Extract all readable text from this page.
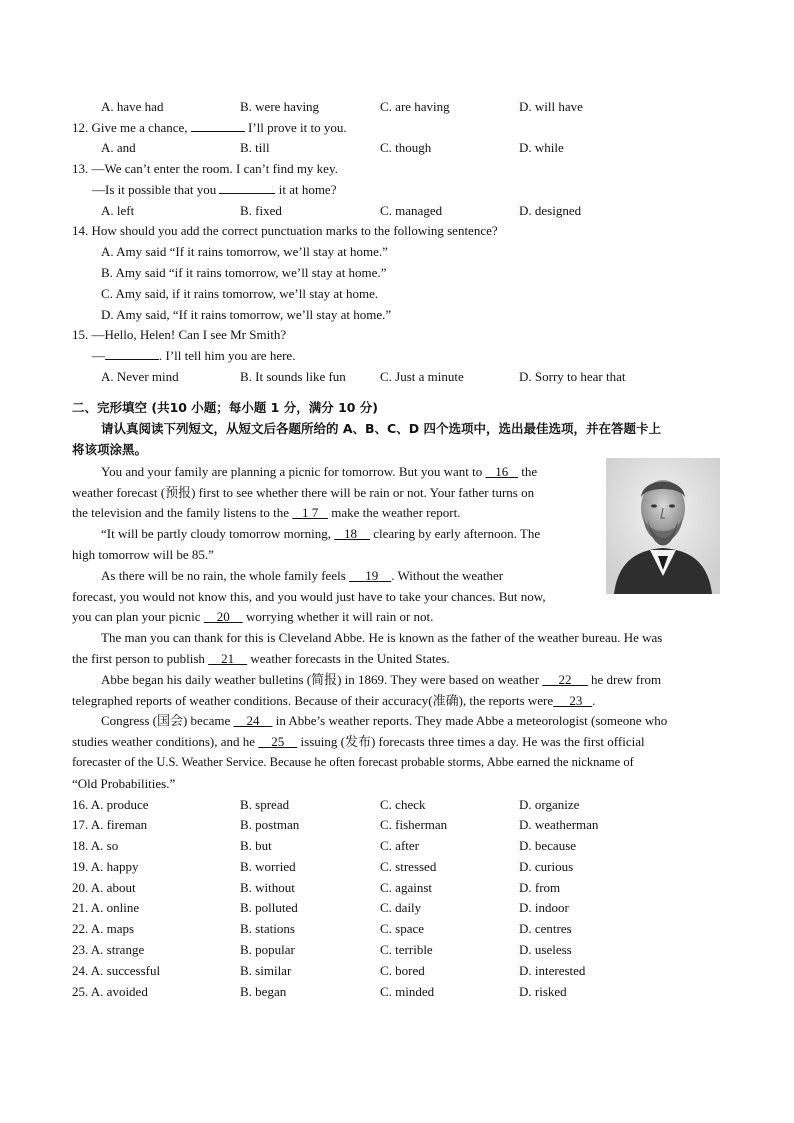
A. have had	B. were having	C. are having	D. will have
12. Give me a chance,	I’ll prove it to you.
A. and	B. till	C. though	D. while
13. —We can’t enter the room. I can’t find my key.
—Is it possible that you	it at home?
A. left	B. fixed	C. managed	D. designed
14. How should you add the correct punctuation marks to the following sentence?
A. Amy said “If it rains tomorrow, we’ll stay at home.”
B. Amy said “if it rains tomorrow, we’ll stay at home.”
C. Amy said, if it rains tomorrow, we’ll stay at home.
D. Amy said, “If it rains tomorrow, we’ll stay at home.”
15. —Hello, Helen! Can I see Mr Smith?
—	. I’ll tell him you are here.
A. Never mind	B. It sounds like fun	C. Just a minute	D. Sorry to hear that
二、完形填空 (共10 小题；每小题 1 分，满分 10 分)
请认真阅读下列短文，从短文后各题所给的 A、B、C、D 四个选项中，选出最佳选项，并在答题卡上
将该项涂黑。
You and your family are planning a picnic for tomorrow. But you want to 16 the
weather forecast (预报) first to see whether there will be rain or not. Your father turns on
the television and the family listens to the 1 7 make the weather report.
“It will be partly cloudy tomorrow morning, 18 clearing by early afternoon. The
high tomorrow will be 85.”
As there will be no rain, the whole family feels 19 . Without the weather
forecast, you would not know this, and you would just have to take your chances. But now,
you can plan your picnic 20 worrying whether it will rain or not.
The man you can thank for this is Cleveland Abbe. He is known as the father of the weather bureau. He was
the first person to publish 21 weather forecasts in the United States.
Abbe began his daily weather bulletins (简报) in 1869. They were based on weather 22 he drew from
telegraphed reports of weather conditions. Because of their accuracy(准确), the reports were 23 .
Congress (国会) became 24 in Abbe’s weather reports. They made Abbe a meteorologist (someone who
studies weather conditions), and he 25 issuing (发布) forecasts three times a day. He was the first official
forecaster of the U.S. Weather Service. Because he often forecast probable storms, Abbe earned the nickname of
“Old Probabilities.”
16. A. produce	B. spread	C. check	D. organize
17. A. fireman	B. postman	C. fisherman	D. weatherman
18. A. so	B. but	C. after	D. because
19. A. happy	B. worried	C. stressed	D. curious
20. A. about	B. without	C. against	D. from
21. A. online	B. polluted	C. daily	D. indoor
22. A. maps	B. stations	C. space	D. centres
23. A. strange	B. popular	C. terrible	D. useless
24. A. successful	B. similar	C. bored	D. interested
25. A. avoided	B. began	C. minded	D. risked
